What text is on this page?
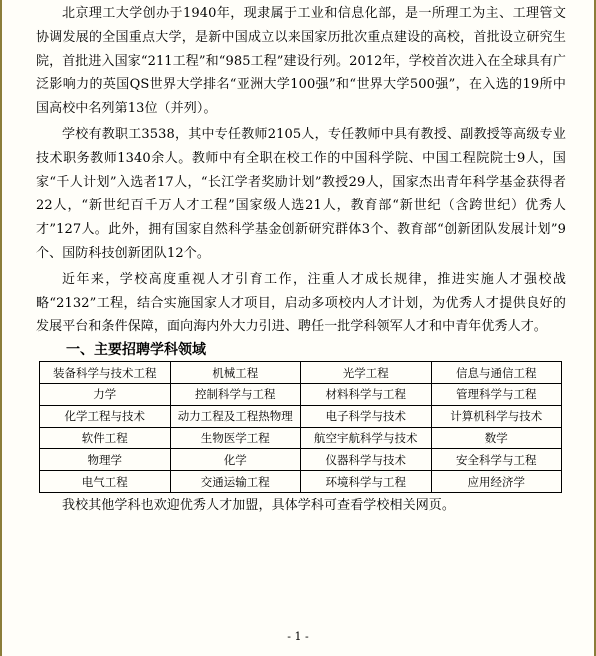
北京理工大学创办于1940年，现隶属于工业和信息化部，是一所理工为主、工理管文协调发展的全国重点大学，是新中国成立以来国家历批次重点建设的高校，首批设立研究生院，首批进入国家“211工程”和“985工程”建设行列。2012年，学校首次进入在全球具有广泛影响力的英国QS世界大学排名“亚洲大学100强”和“世界大学500强”，在入选的19所中国高校中名列第13位（并列）。

学校有教职工3538，其中专任教师2105人，专任教师中具有教授、副教授等高级专业技术职务教师1340余人。教师中有全职在校工作的中国科学院、中国工程院院士9人，国家“千人计划”入选者17人，“长江学者奖励计划”教授29人，国家杰出青年科学基金获得者22人，“新世纪百千万人才工程”国家级人选21人，教育部“新世纪（含跨世纪）优秀人才”127人。此外，拥有国家自然科学基金创新研究群体3个、教育部“创新团队发展计划”9个、国防科技创新团队12个。

近年来，学校高度重视人才引育工作，注重人才成长规律，推进实施人才强校战略“2132”工程，结合实施国家人才项目，启动多项校内人才计划，为优秀人才提供良好的发展平台和条件保障，面向海内外大力引进、聘任一批学科领军人才和中青年优秀人才。

一、主要招聘学科领域
装备科学与技术工程	机械工程	光学工程	信息与通信工程
力学	控制科学与工程	材料科学与工程	管理科学与工程
化学工程与技术	动力工程及工程热物理	电子科学与技术	计算机科学与技术
软件工程	生物医学工程	航空宇航科学与技术	数学
物理学	化学	仪器科学与技术	安全科学与工程
电气工程	交通运输工程	环境科学与工程	应用经济学

我校其他学科也欢迎优秀人才加盟，具体学科可查看学校相关网页。

- 1 -
